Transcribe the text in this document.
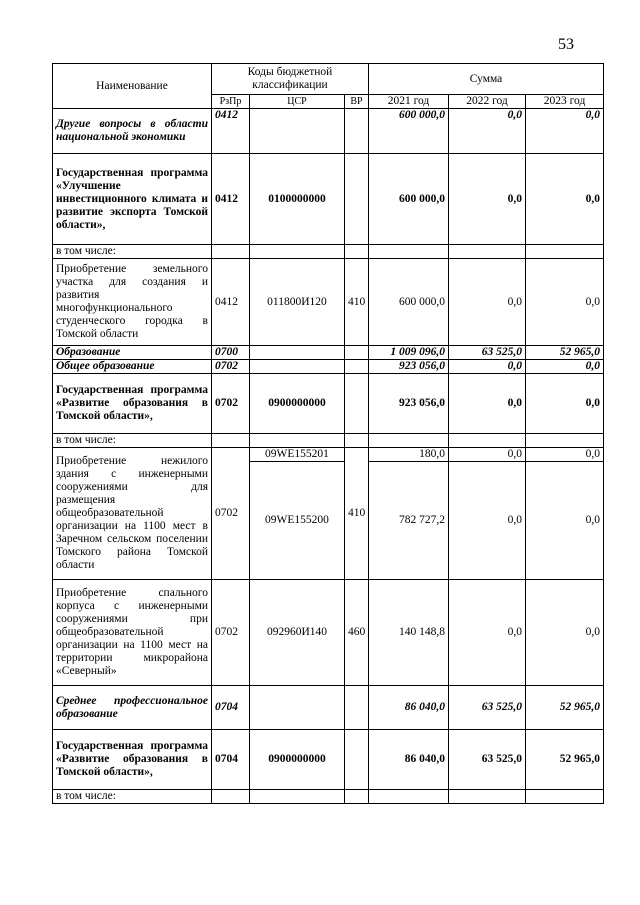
53
Наименование	Коды бюджетной классификации			Сумма		
	РзПр	ЦСР	ВР	2021 год	2022 год	2023 год
Другие вопросы в области национальной экономики	0412			600 000,0	0,0	0,0
Государственная программа «Улучшение инвестиционного климата и развитие экспорта Томской области»,	0412	0100000000		600 000,0	0,0	0,0
в том числе:						
Приобретение земельного участка для создания и развития многофункционального студенческого городка в Томской области	0412	011800И120	410	600 000,0	0,0	0,0
Образование	0700			1 009 096,0	63 525,0	52 965,0
Общее образование	0702			923 056,0	0,0	0,0
Государственная программа «Развитие образования в Томской области»,	0702	0900000000		923 056,0	0,0	0,0
в том числе:						
Приобретение нежилого здания с инженерными сооружениями для размещения общеобразовательной организации на 1100 мест в Заречном сельском поселении Томского района Томской области	0702	09WE155201	410	180,0	0,0	0,0
		09WE155200		782 727,2	0,0	0,0
Приобретение спального корпуса с инженерными сооружениями при общеобразовательной организации на 1100 мест на территории микрорайона «Северный»	0702	092960И140	460	140 148,8	0,0	0,0
Среднее профессиональное образование	0704			86 040,0	63 525,0	52 965,0
Государственная программа «Развитие образования в Томской области»,	0704	0900000000		86 040,0	63 525,0	52 965,0
в том числе:						
